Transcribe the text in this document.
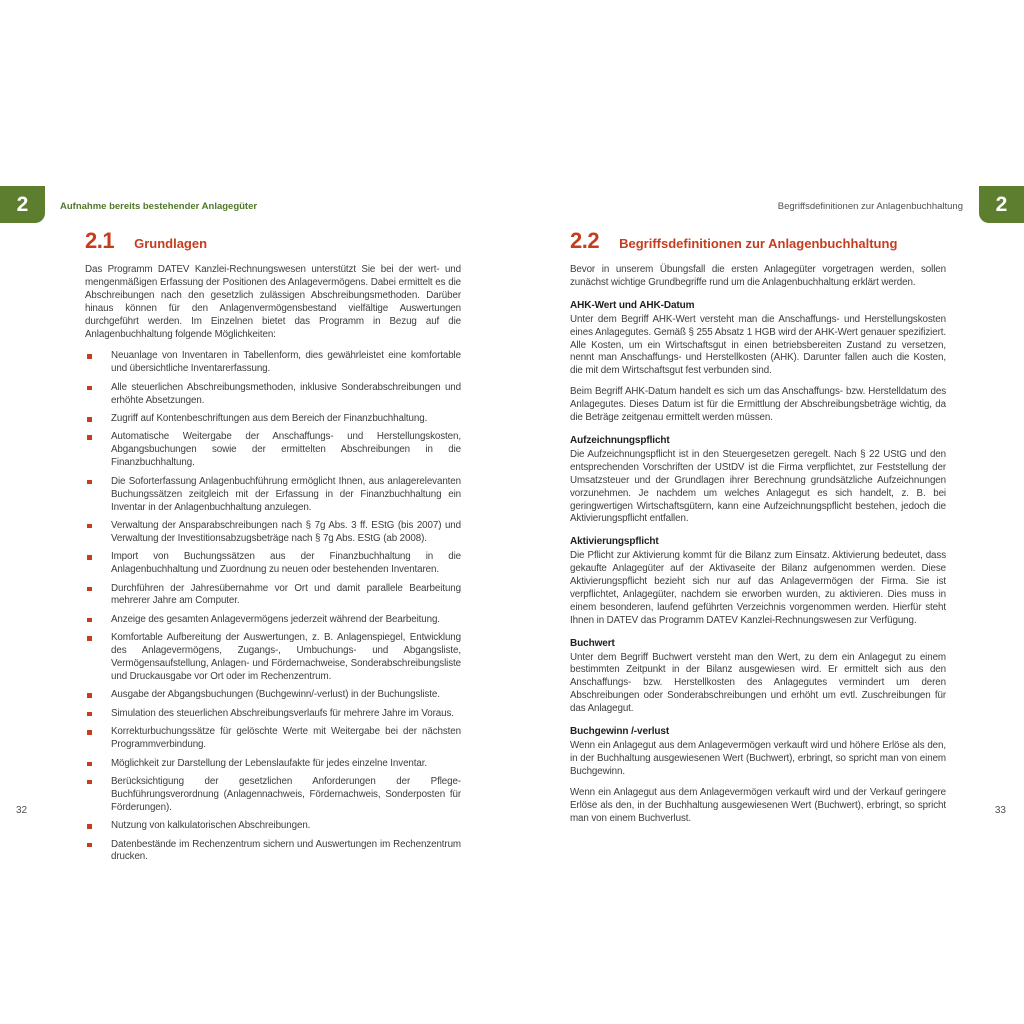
2	2
Aufnahme bereits bestehender Anlagegüter	Begriffsdefinitionen zur Anlagenbuchhaltung
2.1 Grundlagen

Das Programm DATEV Kanzlei-Rechnungswesen unterstützt Sie bei der wert- und mengenmäßigen Erfassung der Positionen des Anlagevermögens. Dabei ermittelt es die Abschreibungen nach den gesetzlich zulässigen Abschreibungsmethoden. Darüber hinaus können für den Anlagenvermögensbestand vielfältige Auswertungen durchgeführt werden. Im Einzelnen bietet das Programm in Bezug auf die Anlagenbuchhaltung folgende Möglichkeiten:

Neuanlage von Inventaren in Tabellenform, dies gewährleistet eine komfortable und übersichtliche Inventarerfassung.
Alle steuerlichen Abschreibungsmethoden, inklusive Sonderabschreibungen und erhöhte Absetzungen.
Zugriff auf Kontenbeschriftungen aus dem Bereich der Finanzbuchhaltung.
Automatische Weitergabe der Anschaffungs- und Herstellungskosten, Abgangsbuchungen sowie der ermittelten Abschreibungen in die Finanzbuchhaltung.
Die Soforterfassung Anlagenbuchführung ermöglicht Ihnen, aus anlagerelevanten Buchungssätzen zeitgleich mit der Erfassung in der Finanzbuchhaltung ein Inventar in der Anlagenbuchhaltung anzulegen.
Verwaltung der Ansparabschreibungen nach § 7g Abs. 3 ff. EStG (bis 2007) und Verwaltung der Investitionsabzugsbeträge nach § 7g Abs. EStG (ab 2008).
Import von Buchungssätzen aus der Finanzbuchhaltung in die Anlagenbuchhaltung und Zuordnung zu neuen oder bestehenden Inventaren.
Durchführen der Jahresübernahme vor Ort und damit parallele Bearbeitung mehrerer Jahre am Computer.
Anzeige des gesamten Anlagevermögens jederzeit während der Bearbeitung.
Komfortable Aufbereitung der Auswertungen, z. B. Anlagenspiegel, Entwicklung des Anlagevermögens, Zugangs-, Umbuchungs- und Abgangsliste, Vermögensaufstellung, Anlagen- und Fördernachweise, Sonderabschreibungsliste und Druckausgabe vor Ort oder im Rechenzentrum.
Ausgabe der Abgangsbuchungen (Buchgewinn/-verlust) in der Buchungsliste.
Simulation des steuerlichen Abschreibungsverlaufs für mehrere Jahre im Voraus.
Korrekturbuchungssätze für gelöschte Werte mit Weitergabe bei der nächsten Programmverbindung.
Möglichkeit zur Darstellung der Lebenslaufakte für jedes einzelne Inventar.
Berücksichtigung der gesetzlichen Anforderungen der Pflege-Buchführungsverordnung (Anlagennachweis, Fördernachweis, Sonderposten für Förderungen).
Nutzung von kalkulatorischen Abschreibungen.
Datenbestände im Rechenzentrum sichern und Auswertungen im Rechenzentrum drucken.
2.2 Begriffsdefinitionen zur Anlagenbuchhaltung

Bevor in unserem Übungsfall die ersten Anlagegüter vorgetragen werden, sollen zunächst wichtige Grundbegriffe rund um die Anlagenbuchhaltung erklärt werden.

AHK-Wert und AHK-Datum

Unter dem Begriff AHK-Wert versteht man die Anschaffungs- und Herstellungskosten eines Anlagegutes. Gemäß § 255 Absatz 1 HGB wird der AHK-Wert genauer spezifiziert. Alle Kosten, um ein Wirtschaftsgut in einen betriebsbereiten Zustand zu versetzen, nennt man Anschaffungs- und Herstellkosten (AHK). Darunter fallen auch die Kosten, die mit dem Wirtschaftsgut fest verbunden sind.

Beim Begriff AHK-Datum handelt es sich um das Anschaffungs- bzw. Herstelldatum des Anlagegutes. Dieses Datum ist für die Ermittlung der Abschreibungsbeträge wichtig, da die Beträge zeitgenau ermittelt werden müssen.

Aufzeichnungspflicht

Die Aufzeichnungspflicht ist in den Steuergesetzen geregelt. Nach § 22 UStG und den entsprechenden Vorschriften der UStDV ist die Firma verpflichtet, zur Feststellung der Umsatzsteuer und der Grundlagen ihrer Berechnung grundsätzliche Aufzeichnungen vorzunehmen. Je nachdem um welches Anlagegut es sich handelt, z. B. bei geringwertigen Wirtschaftsgütern, kann eine Aufzeichnungspflicht bestehen, jedoch die Aktivierungspflicht entfallen.

Aktivierungspflicht

Die Pflicht zur Aktivierung kommt für die Bilanz zum Einsatz. Aktivierung bedeutet, dass gekaufte Anlagegüter auf der Aktivaseite der Bilanz aufgenommen werden. Diese Aktivierungspflicht bezieht sich nur auf das Anlagevermögen der Firma. Sie ist verpflichtet, Anlagegüter, nachdem sie erworben wurden, zu aktivieren. Dies muss in einem besonderen, laufend geführten Verzeichnis vorgenommen werden. Hierfür steht Ihnen in DATEV das Programm DATEV Kanzlei-Rechnungswesen zur Verfügung.

Buchwert

Unter dem Begriff Buchwert versteht man den Wert, zu dem ein Anlagegut zu einem bestimmten Zeitpunkt in der Bilanz ausgewiesen wird. Er ermittelt sich aus den Anschaffungs- bzw. Herstellkosten des Anlagegutes vermindert um deren Abschreibungen oder Sonderabschreibungen und erhöht um evtl. Zuschreibungen für das Anlagegut.

Buchgewinn /-verlust

Wenn ein Anlagegut aus dem Anlagevermögen verkauft wird und höhere Erlöse als den, in der Buchhaltung ausgewiesenen Wert (Buchwert), erbringt, so spricht man von einem Buchgewinn.

Wenn ein Anlagegut aus dem Anlagevermögen verkauft wird und der Verkauf geringere Erlöse als den, in der Buchhaltung ausgewiesenen Wert (Buchwert), erbringt, so spricht man von einem Buchverlust.

32	33
